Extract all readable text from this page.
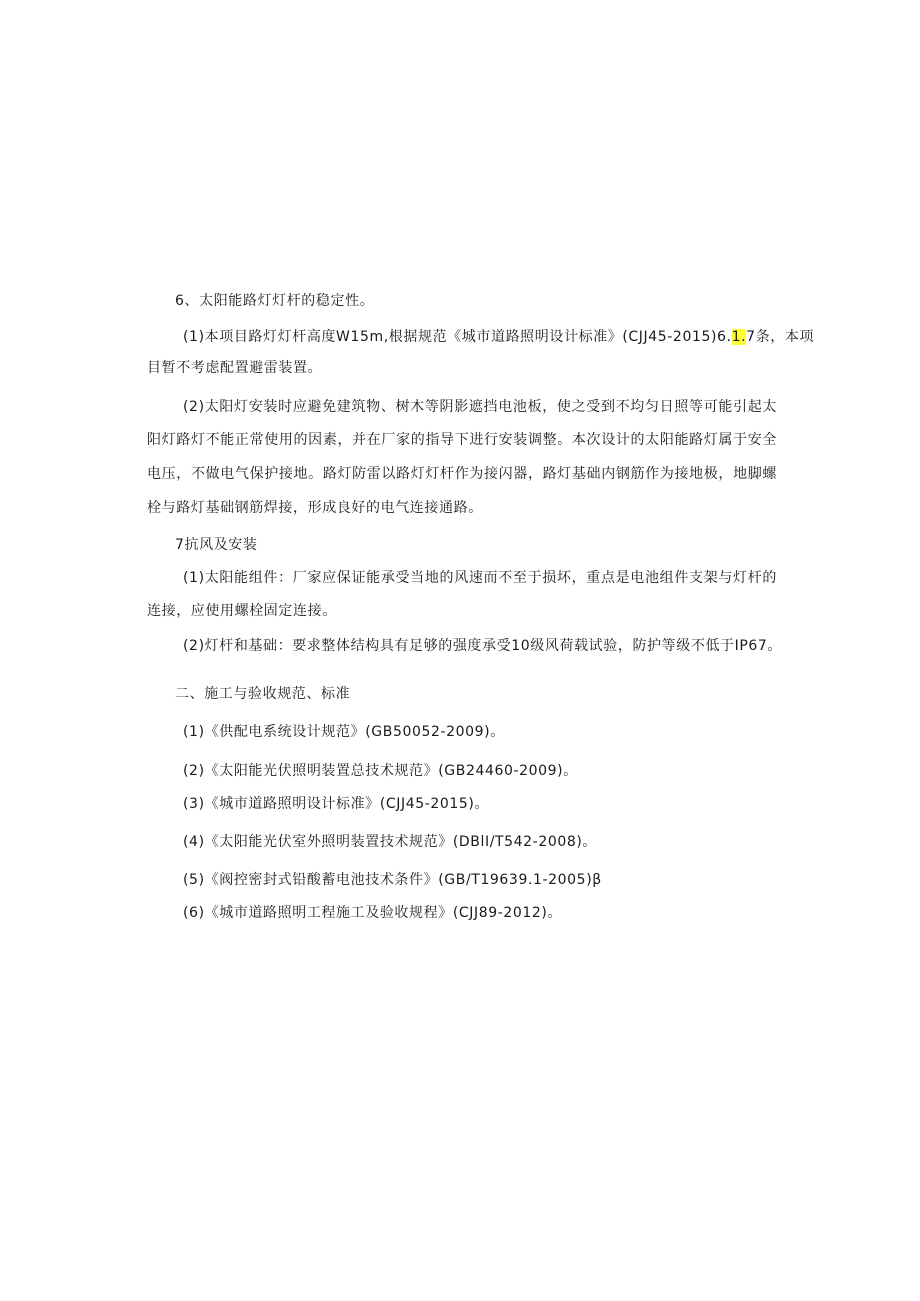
6、太阳能路灯灯杆的稳定性。
(1)本项目路灯灯杆高度W15m,根据规范《城市道路照明设计标准》(CJJ45-2015)6.1.7条，本项
目暂不考虑配置避雷装置。
(2)太阳灯安装时应避免建筑物、树木等阴影遮挡电池板，使之受到不均匀日照等可能引起太
阳灯路灯不能正常使用的因素，并在厂家的指导下进行安装调整。本次设计的太阳能路灯属于安全
电压，不做电气保护接地。路灯防雷以路灯灯杆作为接闪器，路灯基础内钢筋作为接地极，地脚螺
栓与路灯基础钢筋焊接，形成良好的电气连接通路。
7抗风及安装
(1)太阳能组件：厂家应保证能承受当地的风速而不至于损坏，重点是电池组件支架与灯杆的
连接，应使用螺栓固定连接。
(2)灯杆和基础：要求整体结构具有足够的强度承受10级风荷载试验，防护等级不低于IP67。
二、施工与验收规范、标准
(1)《供配电系统设计规范》(GB50052-2009)。
(2)《太阳能光伏照明装置总技术规范》(GB24460-2009)。
(3)《城市道路照明设计标准》(CJJ45-2015)。
(4)《太阳能光伏室外照明装置技术规范》(DBlI/T542-2008)。
(5)《阀控密封式铅酸蓄电池技术条件》(GB/T19639.1-2005)β
(6)《城市道路照明工程施工及验收规程》(CJJ89-2012)。
